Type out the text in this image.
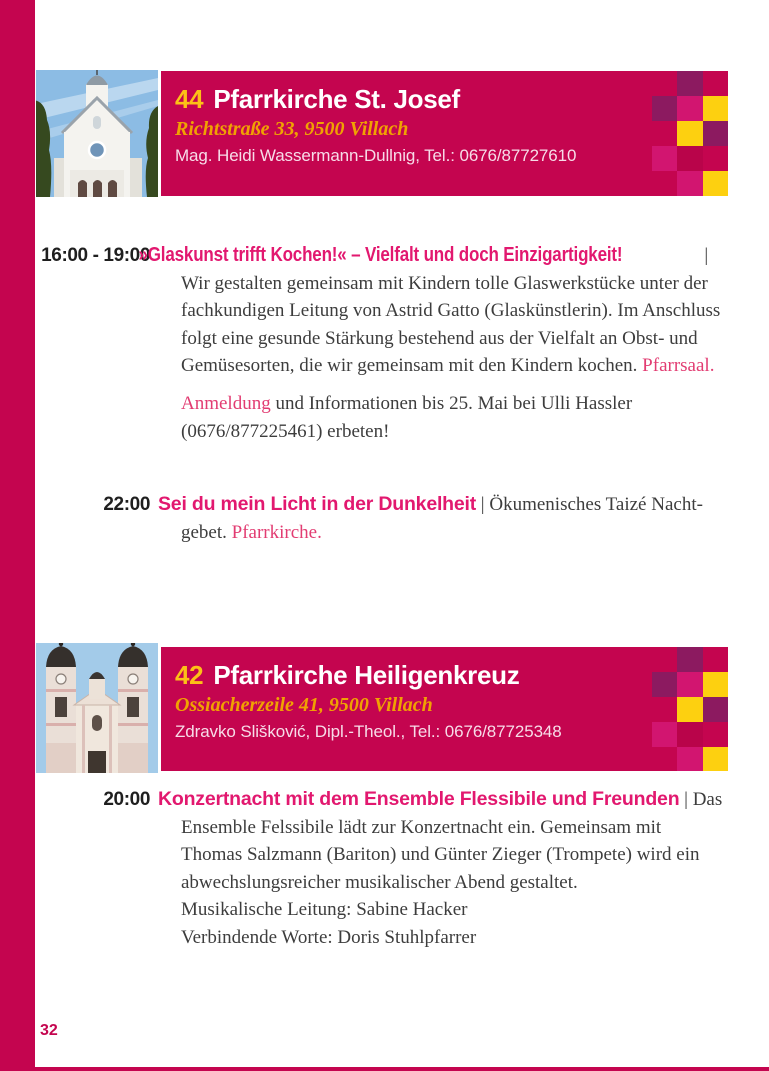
44 Pfarrkirche St. Josef
Richtstraße 33, 9500 Villach
Mag. Heidi Wassermann-Dullnig, Tel.: 0676/87727610
16:00 - 19:00

»Glaskunst trifft Kochen!« – Vielfalt und doch Einzigartigkeit!	| Wir gestalten gemeinsam mit Kindern tolle Glaswerkstücke unter der fachkundigen Leitung von Astrid Gatto (Glaskünstlerin). Im Anschluss folgt eine gesunde Stärkung bestehend aus der Vielfalt an Obst- und Gemüsesorten, die wir gemeinsam mit den Kindern kochen. Pfarrsaal.

Anmeldung und Informationen bis 25. Mai bei Ulli Hassler (0676/877225461) erbeten!

22:00 Sei du mein Licht in der Dunkelheit | Ökumenisches Taizé Nachtgebet. Pfarrkirche.

42 Pfarrkirche Heiligenkreuz
Ossiacherzeile 41, 9500 Villach
Zdravko Slišković, Dipl.-Theol., Tel.: 0676/87725348
20:00 Konzertnacht mit dem Ensemble Flessibile und Freunden | Das Ensemble Felssibile lädt zur Konzertnacht ein. Gemeinsam mit Thomas Salzmann (Bariton) und Günter Zieger (Trompete) wird ein abwechslungsreicher musikalischer Abend gestaltet.

Musikalische Leitung: Sabine Hacker

Verbindende Worte: Doris Stuhlpfarrer

32
